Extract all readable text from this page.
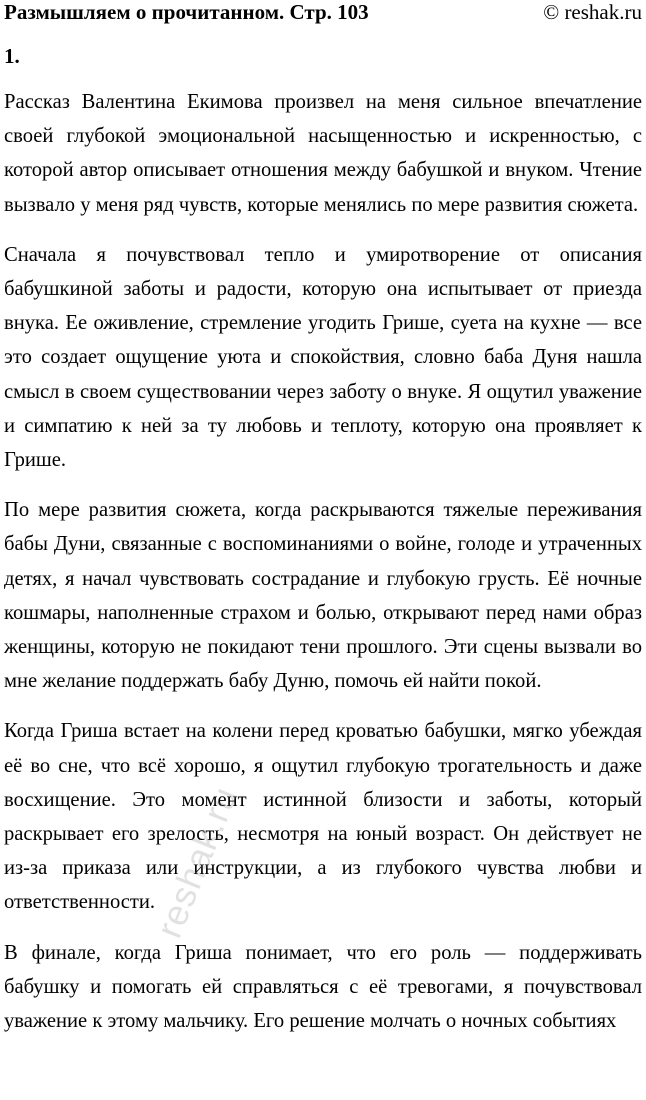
Размышляем о прочитанном. Стр. 103	© reshak.ru
1.

Рассказ Валентина Екимова произвел на меня сильное впечатление своей глубокой эмоциональной насыщенностью и искренностью, с которой автор описывает отношения между бабушкой и внуком. Чтение вызвало у меня ряд чувств, которые менялись по мере развития сюжета.

Сначала я почувствовал тепло и умиротворение от описания бабушкиной заботы и радости, которую она испытывает от приезда внука. Ее оживление, стремление угодить Грише, суета на кухне — все это создает ощущение уюта и спокойствия, словно баба Дуня нашла смысл в своем существовании через заботу о внуке. Я ощутил уважение и симпатию к ней за ту любовь и теплоту, которую она проявляет к Грише.

По мере развития сюжета, когда раскрываются тяжелые переживания бабы Дуни, связанные с воспоминаниями о войне, голоде и утраченных детях, я начал чувствовать сострадание и глубокую грусть. Её ночные кошмары, наполненные страхом и болью, открывают перед нами образ женщины, которую не покидают тени прошлого. Эти сцены вызвали во мне желание поддержать бабу Дуню, помочь ей найти покой.

Когда Гриша встает на колени перед кроватью бабушки, мягко убеждая её во сне, что всё хорошо, я ощутил глубокую трогательность и даже восхищение. Это момент истинной близости и заботы, который раскрывает его зрелость, несмотря на юный возраст. Он действует не из-за приказа или инструкции, а из глубокого чувства любви и ответственности.

В финале, когда Гриша понимает, что его роль — поддерживать бабушку и помогать ей справляться с её тревогами, я почувствовал уважение к этому мальчику. Его решение молчать о ночных событиях

reshak.ru
